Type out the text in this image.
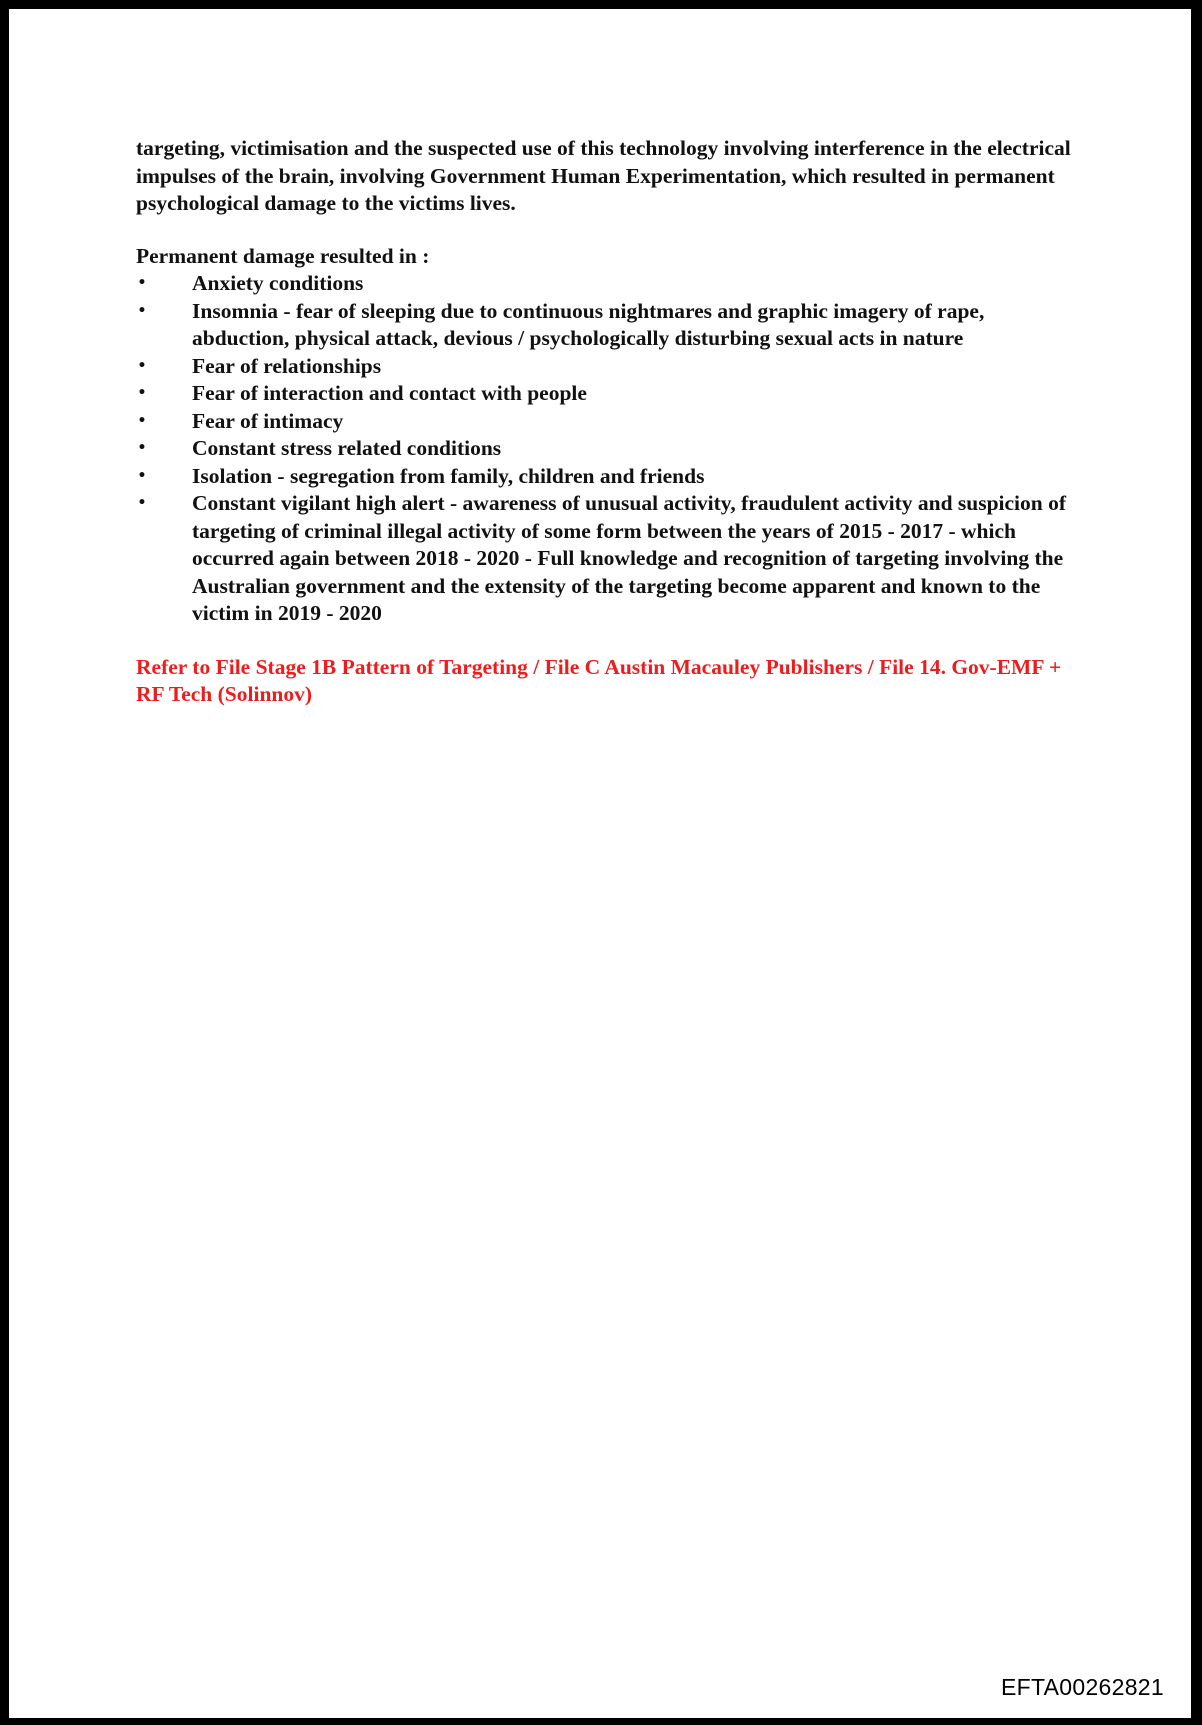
targeting, victimisation and the suspected use of this technology involving interference in the electrical impulses of the brain, involving Government Human Experimentation, which resulted in permanent psychological damage to the victims lives.

Permanent damage resulted in :

• Anxiety conditions
• Insomnia - fear of sleeping due to continuous nightmares and graphic imagery of rape, abduction, physical attack, devious / psychologically disturbing sexual acts in nature
• Fear of relationships
• Fear of interaction and contact with people
• Fear of intimacy
• Constant stress related conditions
• Isolation - segregation from family, children and friends
• Constant vigilant high alert - awareness of unusual activity, fraudulent activity and suspicion of targeting of criminal illegal activity of some form between the years of 2015 - 2017 - which occurred again between 2018 - 2020 - Full knowledge and recognition of targeting involving the Australian government and the extensity of the targeting become apparent and known to the victim in 2019 - 2020

Refer to File Stage 1B Pattern of Targeting / File C Austin Macauley Publishers / File 14. Gov-EMF + RF Tech (Solinnov)

EFTA00262821
